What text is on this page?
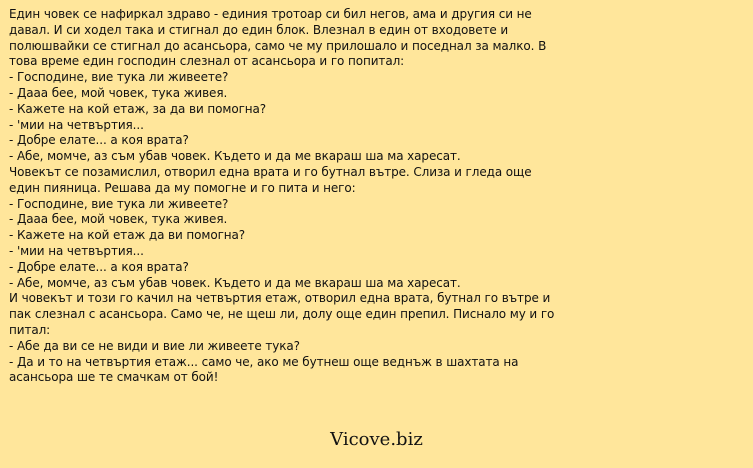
Един човек се нафиркал здраво - единия тротоар си бил негов, ама и другия си не
давал. И си ходел така и стигнал до един блок. Влезнал в един от входовете и
полюшвайки се стигнал до асансьора, само че му прилошало и поседнал за малко. В
това време един господин слезнал от асансьора и го попитал:
- Господине, вие тука ли живеете?
- Дааа бее, мой човек, тука живея.
- Кажете на кой етаж, за да ви помогна?
- 'мии на четвъртия...
- Добре елате... а коя врата?
- Абе, момче, аз съм убав човек. Където и да ме вкараш ша ма харесат.
Човекът се позамислил, отворил една врата и го бутнал вътре. Слиза и гледа още
един пияница. Решава да му помогне и го пита и него:
- Господине, вие тука ли живеете?
- Дааа бее, мой човек, тука живея.
- Кажете на кой етаж да ви помогна?
- 'мии на четвъртия...
- Добре елате... а коя врата?
- Абе, момче, аз съм убав човек. Където и да ме вкараш ша ма харесат.
И човекът и този го качил на четвъртия етаж, отворил една врата, бутнал го вътре и
пак слезнал с асансьора. Само че, не щеш ли, долу още един препил. Писнало му и го
питал:
- Абе да ви се не види и вие ли живеете тука?
- Да и то на четвъртия етаж... само че, ако ме бутнеш още веднъж в шахтата на
асансьора ше те смачкам от бой!
Vicove.biz
